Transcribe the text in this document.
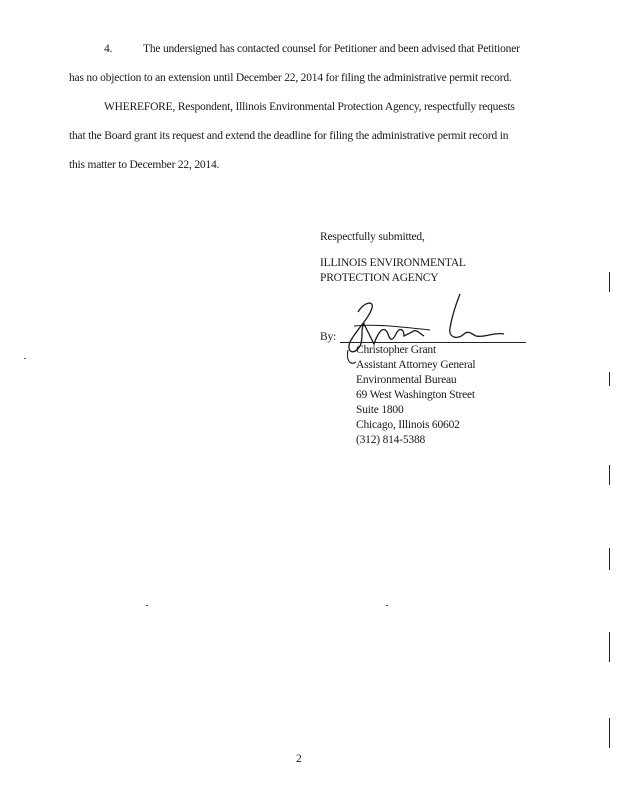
4.	The undersigned has contacted counsel for Petitioner and been advised that Petitioner
has no objection to an extension until December 22, 2014 for filing the administrative permit record.
WHEREFORE, Respondent, Illinois Environmental Protection Agency, respectfully requests
that the Board grant its request and extend the deadline for filing the administrative permit record in
this matter to December 22, 2014.
Respectfully submitted,
ILLINOIS ENVIRONMENTAL
PROTECTION AGENCY
By:
Christopher Grant
Assistant Attorney General
Environmental Bureau
69 West Washington Street
Suite 1800
Chicago, Illinois 60602
(312) 814-5388
2
